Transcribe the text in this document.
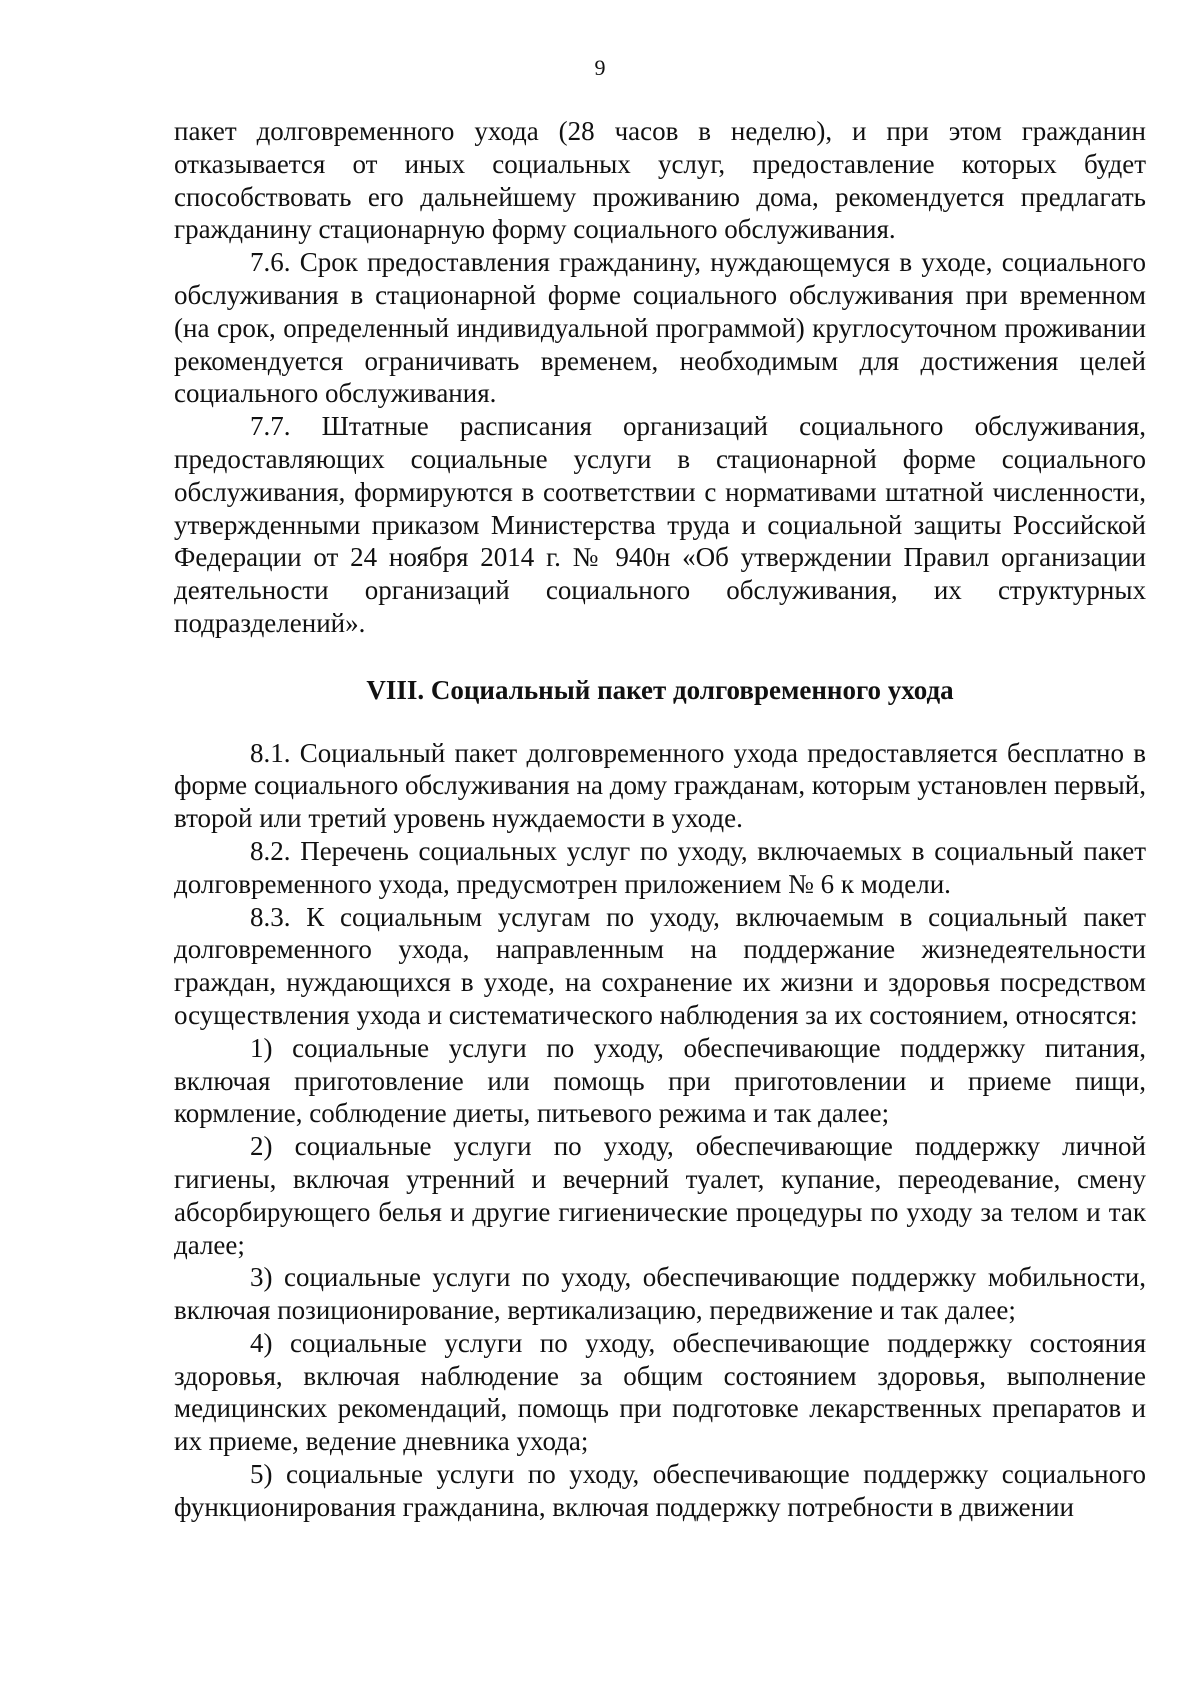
9

пакет долговременного ухода (28 часов в неделю), и при этом гражданин отказывается от иных социальных услуг, предоставление которых будет способствовать его дальнейшему проживанию дома, рекомендуется предлагать гражданину стационарную форму социального обслуживания.

7.6. Срок предоставления гражданину, нуждающемуся в уходе, социального обслуживания в стационарной форме социального обслуживания при временном (на срок, определенный индивидуальной программой) круглосуточном проживании рекомендуется ограничивать временем, необходимым для достижения целей социального обслуживания.

7.7. Штатные расписания организаций социального обслуживания, предоставляющих социальные услуги в стационарной форме социального обслуживания, формируются в соответствии с нормативами штатной численности, утвержденными приказом Министерства труда и социальной защиты Российской Федерации от 24 ноября 2014 г. № 940н «Об утверждении Правил организации деятельности организаций социального обслуживания, их структурных подразделений».

VIII. Социальный пакет долговременного ухода

8.1. Социальный пакет долговременного ухода предоставляется бесплатно в форме социального обслуживания на дому гражданам, которым установлен первый, второй или третий уровень нуждаемости в уходе.

8.2. Перечень социальных услуг по уходу, включаемых в социальный пакет долговременного ухода, предусмотрен приложением № 6 к модели.

8.3. К социальным услугам по уходу, включаемым в социальный пакет долговременного ухода, направленным на поддержание жизнедеятельности граждан, нуждающихся в уходе, на сохранение их жизни и здоровья посредством осуществления ухода и систематического наблюдения за их состоянием, относятся:

1) социальные услуги по уходу, обеспечивающие поддержку питания, включая приготовление или помощь при приготовлении и приеме пищи, кормление, соблюдение диеты, питьевого режима и так далее;

2) социальные услуги по уходу, обеспечивающие поддержку личной гигиены, включая утренний и вечерний туалет, купание, переодевание, смену абсорбирующего белья и другие гигиенические процедуры по уходу за телом и так далее;

3) социальные услуги по уходу, обеспечивающие поддержку мобильности, включая позиционирование, вертикализацию, передвижение и так далее;

4) социальные услуги по уходу, обеспечивающие поддержку состояния здоровья, включая наблюдение за общим состоянием здоровья, выполнение медицинских рекомендаций, помощь при подготовке лекарственных препаратов и их приеме, ведение дневника ухода;

5) социальные услуги по уходу, обеспечивающие поддержку социального функционирования гражданина, включая поддержку потребности в движении
